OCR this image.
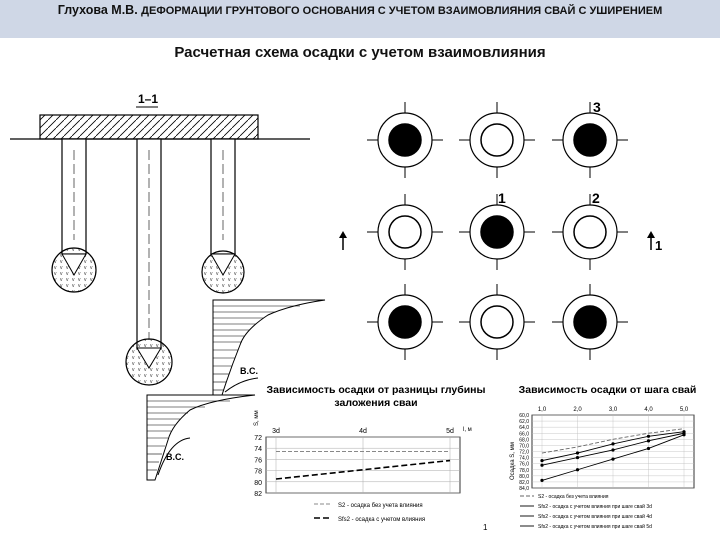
Глухова М.В. ДЕФОРМАЦИИ ГРУНТОВОГО ОСНОВАНИЯ С УЧЕТОМ ВЗАИМОВЛИЯНИЯ СВАЙ С УШИРЕНИЕМ
Расчетная схема осадки с учетом взаимовлияния
1–1
В.С.
В.С.
3
1	2
1
72
74
76
78
80
82
3d	4d	5d
S, мм
l, м
S2 - осадка без учета влияния
Sfs2 - осадка с учетом влияния
1
60,0
62,0
64,0
66,0
68,0
70,0
72,0
74,0
76,0
78,0
80,0
82,0
84,0
1,0	2,0	3,0	4,0	5,0
Осадка S, мм
S2 - осадка без учета влияния
Sfs2 - осадка с учетом влияния при шаге свай 3d
Sfs2 - осадка с учетом влияния при шаге свай 4d
Sfs2 - осадка с учетом влияния при шаге свай 5d
Зависимость осадки от разницы глубины заложения сваи
Зависимость осадки от шага свай
